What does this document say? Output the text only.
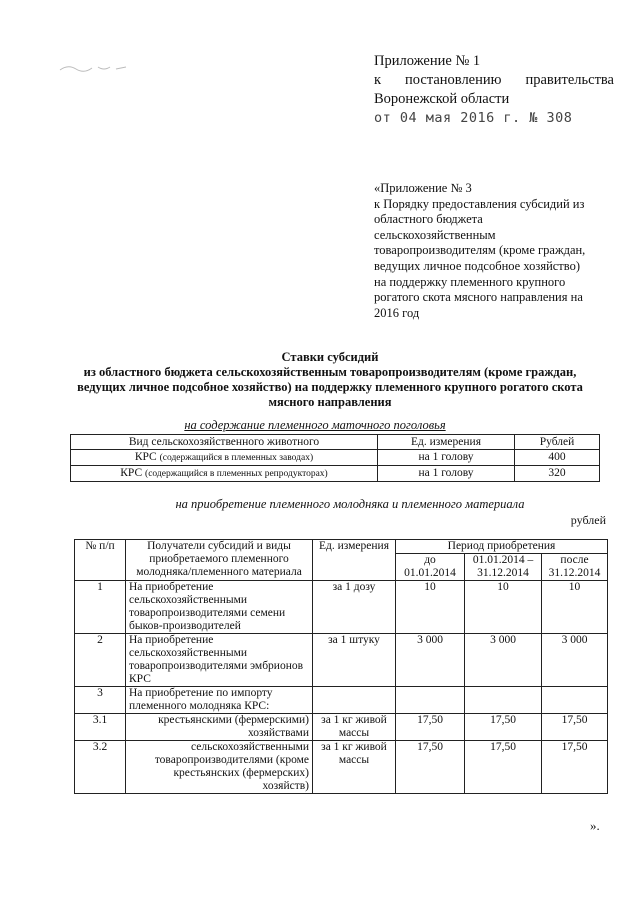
Приложение № 1
к постановлению правительства
Воронежской области
от 04 мая 2016 г. № 308
«Приложение № 3
к Порядку предоставления субсидий из
областного бюджета
сельскохозяйственным
товаропроизводителям (кроме граждан,
ведущих личное подсобное хозяйство)
на поддержку племенного крупного
рогатого скота мясного направления на
2016 год
Ставки субсидий
из областного бюджета сельскохозяйственным товаропроизводителям (кроме граждан,
ведущих личное подсобное хозяйство) на поддержку племенного крупного рогатого скота
мясного направления
на содержание племенного маточного поголовья
Вид сельскохозяйственного животного	Ед. измерения	Рублей
КРС (содержащийся в племенных заводах)	на 1 голову	400
КРС (содержащийся в племенных репродукторах)	на 1 голову	320
на приобретение племенного молодняка и племенного материала
рублей
№ п/п	Получатели субсидий и виды приобретаемого племенного молодняка/племенного материала	Ед. измерения	Период приобретения		
			до 01.01.2014	01.01.2014 – 31.12.2014	после 31.12.2014
1	На приобретение сельскохозяйственными товаропроизводителями семени быков-производителей	за 1 дозу	10	10	10
2	На приобретение сельскохозяйственными товаропроизводителями эмбрионов КРС	за 1 штуку	3 000	3 000	3 000
3	На приобретение по импорту племенного молодняка КРС:				
3.1	крестьянскими (фермерскими) хозяйствами	за 1 кг живой массы	17,50	17,50	17,50
3.2	сельскохозяйственными товаропроизводителями (кроме крестьянских (фермерских) хозяйств)	за 1 кг живой массы	17,50	17,50	17,50
».
